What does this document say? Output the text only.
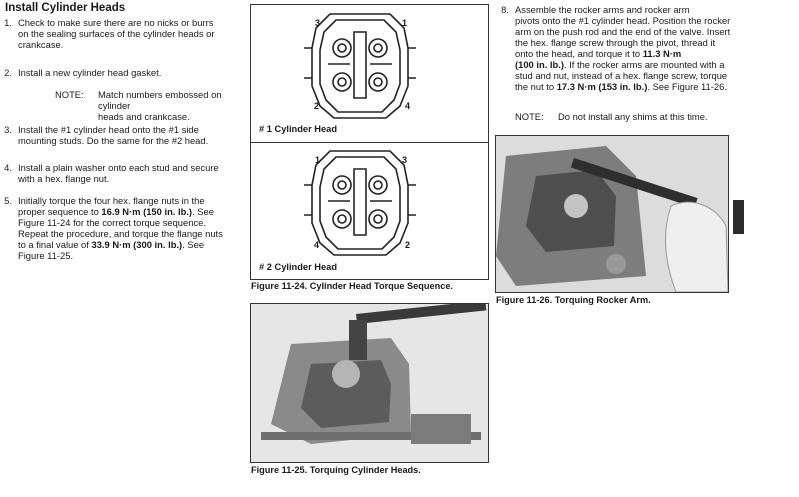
Install Cylinder Heads
1. Check to make sure there are no nicks or burrs
on the sealing surfaces of the cylinder heads or
crankcase.
2. Install a new cylinder head gasket.
NOTE: Match numbers embossed on cylinder
heads and crankcase.
3. Install the #1 cylinder head onto the #1 side
mounting studs. Do the same for the #2 head.
4. Install a plain washer onto each stud and secure
with a hex. flange nut.
5. Initially torque the four hex. flange nuts in the
proper sequence to 16.9 N·m (150 in. lb.). See
Figure 11-24 for the correct torque sequence.
Repeat the procedure, and torque the flange nuts
to a final value of 33.9 N·m (300 in. lb.). See
Figure 11-25.
3	1
2	4
# 1 Cylinder Head
1	3
4	2
# 2 Cylinder Head
Figure 11-24. Cylinder Head Torque Sequence.
Figure 11-25. Torquing Cylinder Heads.
8. Assemble the rocker arms and rocker arm
pivots onto the #1 cylinder head. Position the rocker
arm on the push rod and the end of the valve. Insert
the hex. flange screw through the pivot, thread it
onto the head, and torque it to 11.3 N·m
(100 in. lb.). If the rocker arms are mounted with a
stud and nut, instead of a hex. flange screw, torque
the nut to 17.3 N·m (153 in. lb.). See Figure 11-26.
NOTE: Do not install any shims at this time.
Figure 11-26. Torquing Rocker Arm.
